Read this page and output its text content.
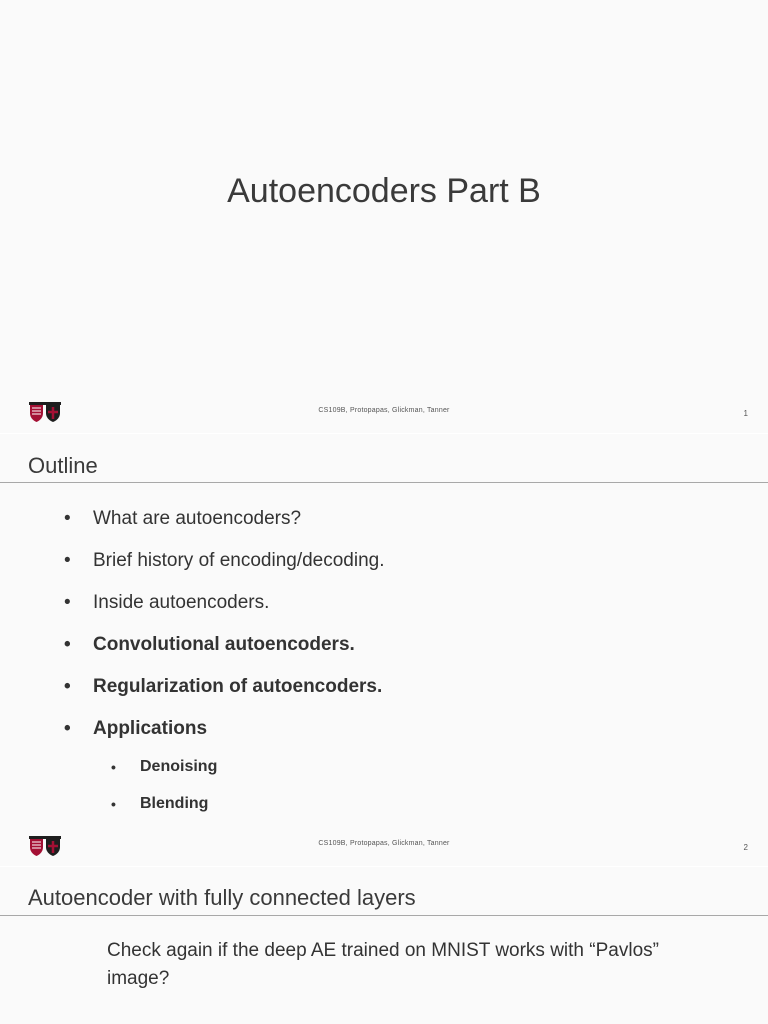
Autoencoders Part B
CS109B, Protopapas, Glickman, Tanner	1
Outline
• What are autoencoders?
• Brief history of encoding/decoding.
• Inside autoencoders.
• Convolutional autoencoders.
• Regularization of autoencoders.
• Applications
• Denoising
• Blending
CS109B, Protopapas, Glickman, Tanner	2
Autoencoder with fully connected layers
Check again if the deep AE trained on MNIST works with “Pavlos” image?
